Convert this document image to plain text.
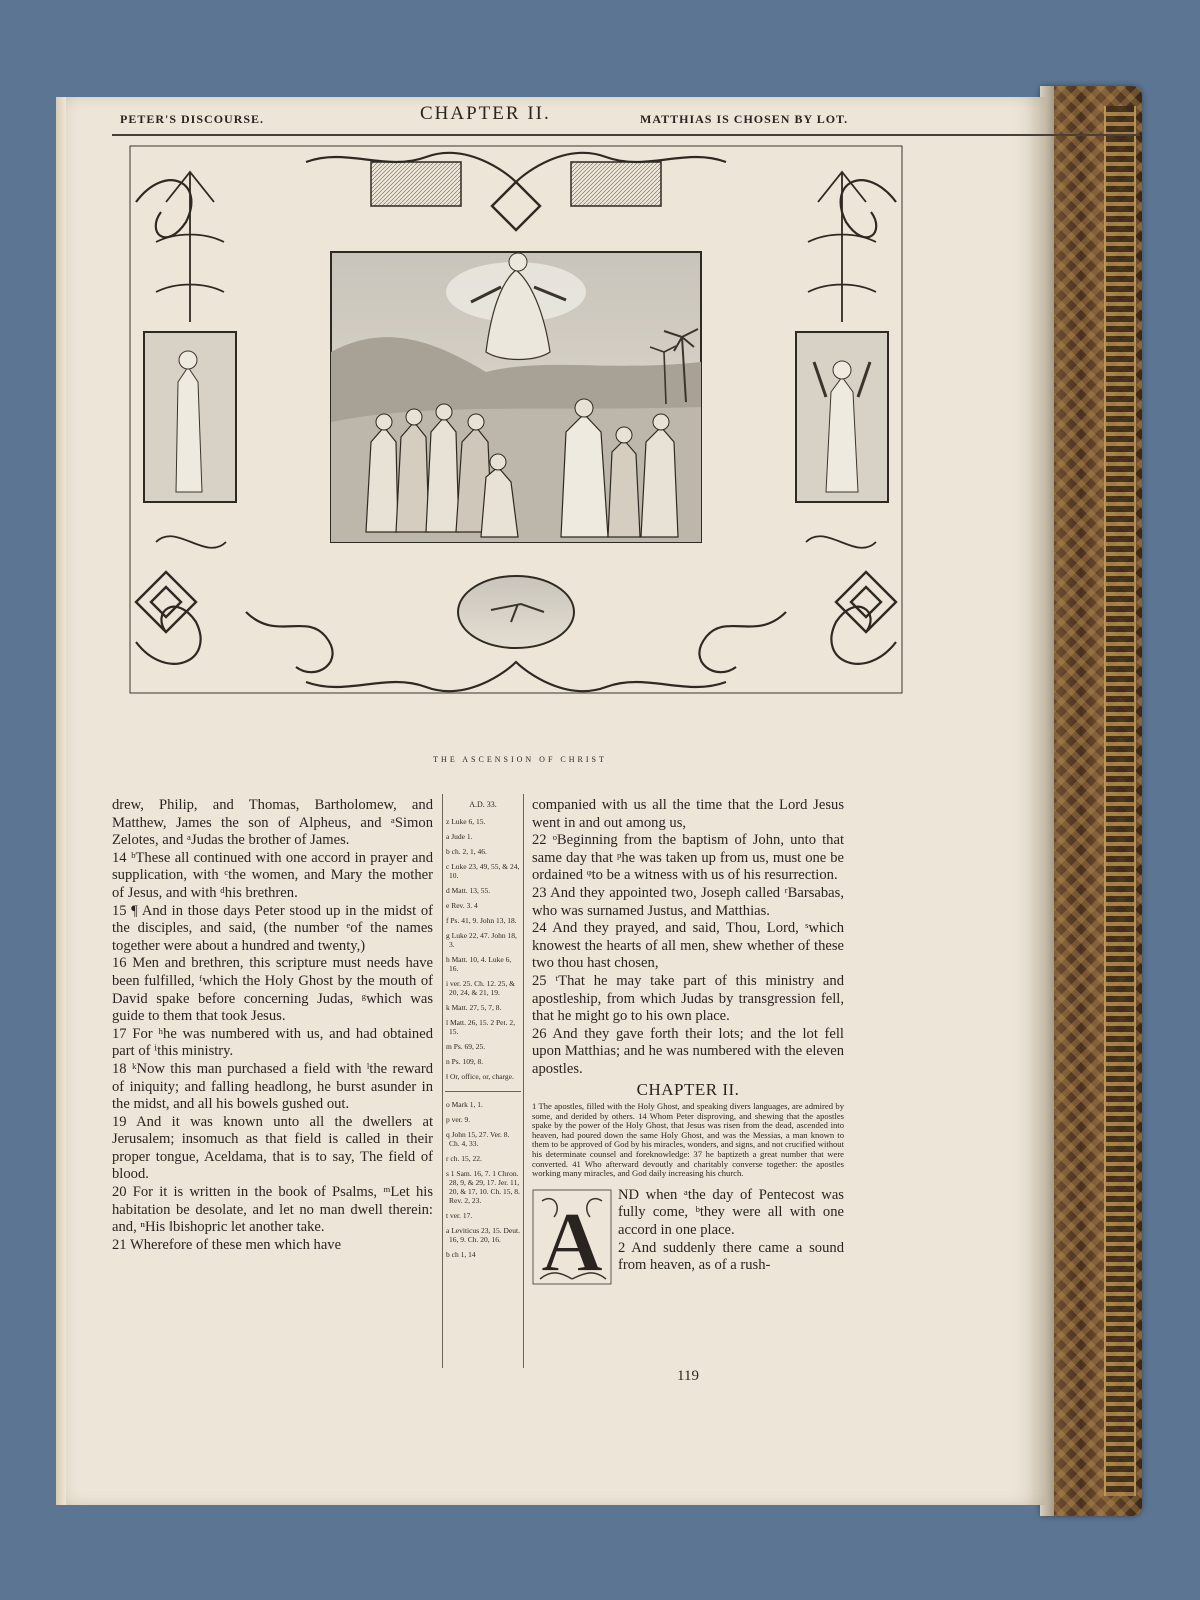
PETER'S DISCOURSE.	CHAPTER II.	MATTHIAS IS CHOSEN BY LOT.
THE ASCENSION OF CHRIST

drew, Philip, and Thomas, Bartholomew, and Matthew, James the son of Alpheus, and ᵃSimon Zelotes, and ᵃJudas the brother of James.

14 ᵇThese all continued with one accord in prayer and supplication, with ᶜthe women, and Mary the mother of Jesus, and with ᵈhis brethren.

15 ¶ And in those days Peter stood up in the midst of the disciples, and said, (the number ᵉof the names together were about a hundred and twenty,)

16 Men and brethren, this scripture must needs have been fulfilled, ᶠwhich the Holy Ghost by the mouth of David spake before concerning Judas, ᵍwhich was guide to them that took Jesus.

17 For ʰhe was numbered with us, and had obtained part of ⁱthis ministry.

18 ᵏNow this man purchased a field with ˡthe reward of iniquity; and falling headlong, he burst asunder in the midst, and all his bowels gushed out.

19 And it was known unto all the dwellers at Jerusalem; insomuch as that field is called in their proper tongue, Aceldama, that is to say, The field of blood.

20 For it is written in the book of Psalms, ᵐLet his habitation be desolate, and let no man dwell therein: and, ⁿHis ‖bishopric let another take.

21 Wherefore of these men which have

A.D. 33.
z Luke 6, 15.
a Jude 1.
b ch. 2, 1, 46.
c Luke 23, 49, 55, & 24, 10.
d Matt. 13, 55.
e Rev. 3. 4
f Ps. 41, 9. John 13, 18.
g Luke 22, 47. John 18, 3.
h Matt. 10, 4. Luke 6, 16.
i ver. 25. Ch. 12. 25, & 20, 24, & 21, 19.
k Matt. 27, 5, 7, 8.
l Matt. 26, 15. 2 Pet. 2, 15.
m Ps. 69, 25.
n Ps. 109, 8.
‖ Or, office, or, charge.
o Mark 1, 1.
p ver. 9.
q John 15, 27. Ver. 8. Ch. 4, 33.
r ch. 15, 22.
s 1 Sam. 16, 7. 1 Chron. 28, 9, & 29, 17. Jer. 11, 20, & 17, 10. Ch. 15, 8. Rev. 2, 23.
t ver. 17.
a Leviticus 23, 15. Deut. 16, 9. Ch. 20, 16.
b ch 1, 14

companied with us all the time that the Lord Jesus went in and out among us,

22 ᵒBeginning from the baptism of John, unto that same day that ᵖhe was taken up from us, must one be ordained ᵠto be a witness with us of his resurrection.

23 And they appointed two, Joseph called ʳBarsabas, who was surnamed Justus, and Matthias.

24 And they prayed, and said, Thou, Lord, ˢwhich knowest the hearts of all men, shew whether of these two thou hast chosen,

25 ᵗThat he may take part of this ministry and apostleship, from which Judas by transgression fell, that he might go to his own place.

26 And they gave forth their lots; and the lot fell upon Matthias; and he was numbered with the eleven apostles.

CHAPTER II.
1 The apostles, filled with the Holy Ghost, and speaking divers languages, are admired by some, and derided by others. 14 Whom Peter disproving, and shewing that the apostles spake by the power of the Holy Ghost, that Jesus was risen from the dead, ascended into heaven, had poured down the same Holy Ghost, and was the Messias, a man known to them to be approved of God by his miracles, wonders, and signs, and not crucified without his determinate counsel and foreknowledge: 37 he baptizeth a great number that were converted. 41 Who afterward devoutly and charitably converse together: the apostles working many miracles, and God daily increasing his church.
A	ND when ᵃthe day of Pentecost was fully come, ᵇthey were all with one accord in one place.

2 And suddenly there came a sound from heaven, as of a rush-

119
